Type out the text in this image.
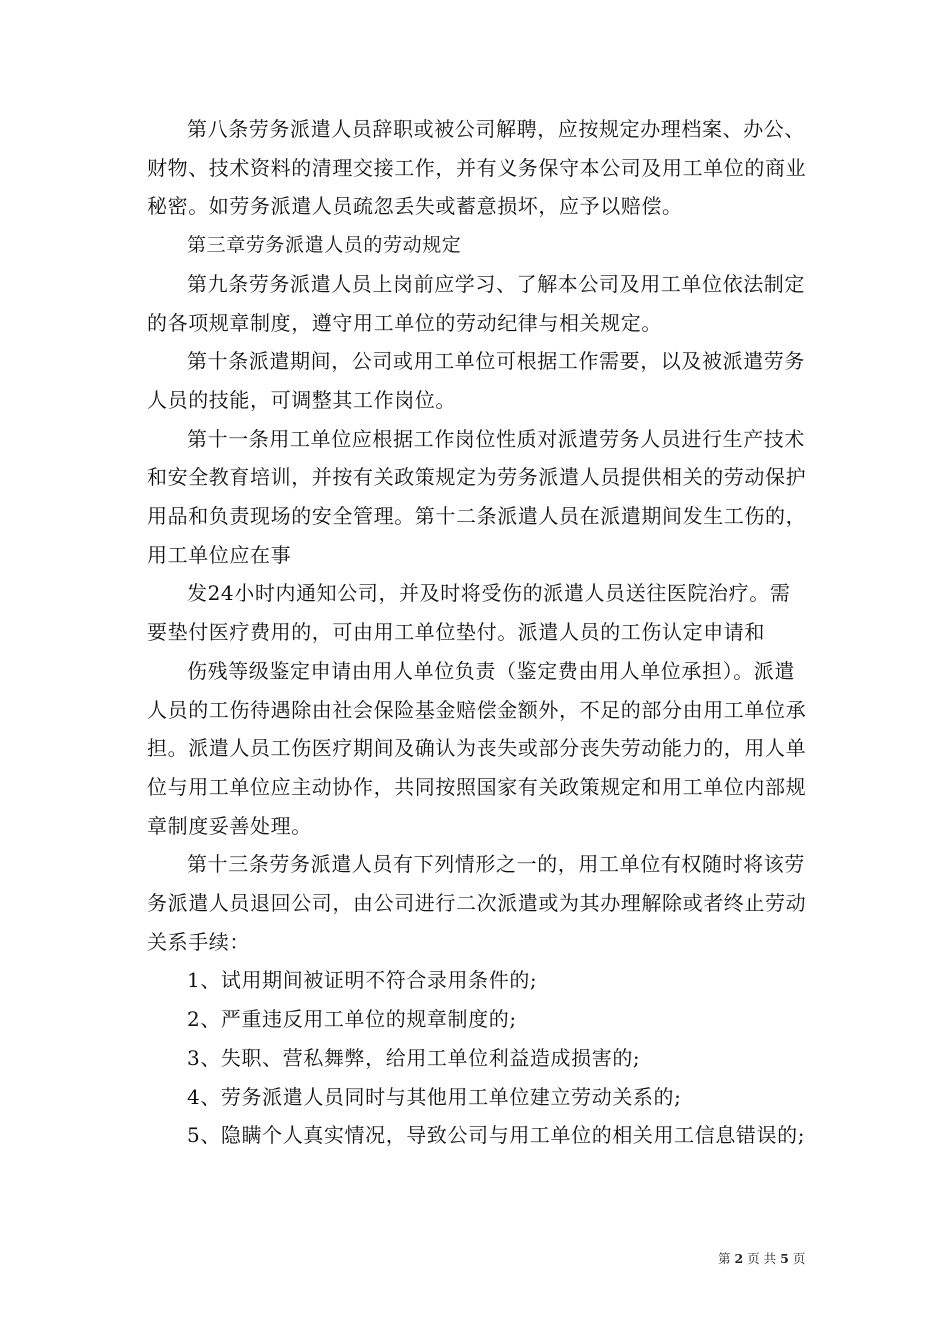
第八条劳务派遣人员辞职或被公司解聘，应按规定办理档案、办公、财物、技术资料的清理交接工作，并有义务保守本公司及用工单位的商业秘密。如劳务派遣人员疏忽丢失或蓄意损坏，应予以赔偿。

第三章劳务派遣人员的劳动规定

第九条劳务派遣人员上岗前应学习、了解本公司及用工单位依法制定的各项规章制度，遵守用工单位的劳动纪律与相关规定。

第十条派遣期间，公司或用工单位可根据工作需要，以及被派遣劳务人员的技能，可调整其工作岗位。

第十一条用工单位应根据工作岗位性质对派遣劳务人员进行生产技术和安全教育培训，并按有关政策规定为劳务派遣人员提供相关的劳动保护用品和负责现场的安全管理。第十二条派遣人员在派遣期间发生工伤的，用工单位应在事

发24小时内通知公司，并及时将受伤的派遣人员送往医院治疗。需要垫付医疗费用的，可由用工单位垫付。派遣人员的工伤认定申请和

伤残等级鉴定申请由用人单位负责（鉴定费由用人单位承担）。派遣人员的工伤待遇除由社会保险基金赔偿金额外，不足的部分由用工单位承担。派遣人员工伤医疗期间及确认为丧失或部分丧失劳动能力的，用人单位与用工单位应主动协作，共同按照国家有关政策规定和用工单位内部规章制度妥善处理。

第十三条劳务派遣人员有下列情形之一的，用工单位有权随时将该劳务派遣人员退回公司，由公司进行二次派遣或为其办理解除或者终止劳动关系手续：

1、试用期间被证明不符合录用条件的;

2、严重违反用工单位的规章制度的;

3、失职、营私舞弊，给用工单位利益造成损害的;

4、劳务派遣人员同时与其他用工单位建立劳动关系的;

5、隐瞒个人真实情况，导致公司与用工单位的相关用工信息错误的;

第 2 页 共 5 页
